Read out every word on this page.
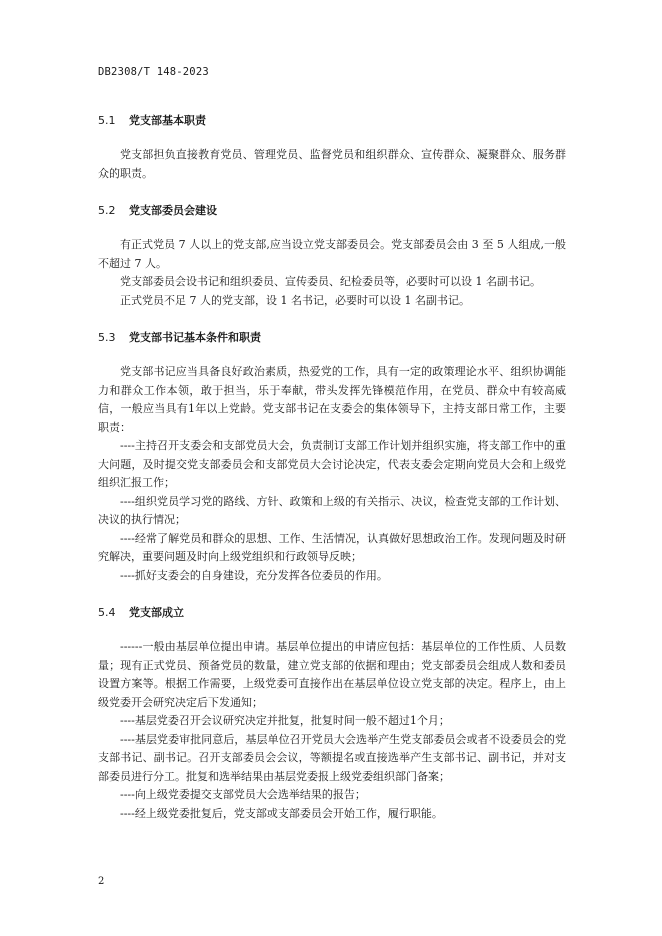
DB2308/T 148-2023

5.1 党支部基本职责

党支部担负直接教育党员、管理党员、监督党员和组织群众、宣传群众、凝聚群众、服务群众的职责。

5.2 党支部委员会建设

有正式党员 7 人以上的党支部,应当设立党支部委员会。党支部委员会由 3 至 5 人组成,一般不超过 7 人。

党支部委员会设书记和组织委员、宣传委员、纪检委员等，必要时可以设 1 名副书记。

正式党员不足 7 人的党支部，设 1 名书记，必要时可以设 1 名副书记。

5.3 党支部书记基本条件和职责

党支部书记应当具备良好政治素质，热爱党的工作，具有一定的政策理论水平、组织协调能力和群众工作本领，敢于担当，乐于奉献，带头发挥先锋模范作用，在党员、群众中有较高威信，一般应当具有1年以上党龄。党支部书记在支委会的集体领导下，主持支部日常工作，主要职责：

----主持召开支委会和支部党员大会，负责制订支部工作计划并组织实施，将支部工作中的重大问题，及时提交党支部委员会和支部党员大会讨论决定，代表支委会定期向党员大会和上级党组织汇报工作；

----组织党员学习党的路线、方针、政策和上级的有关指示、决议，检查党支部的工作计划、决议的执行情况；

----经常了解党员和群众的思想、工作、生活情况，认真做好思想政治工作。发现问题及时研究解决，重要问题及时向上级党组织和行政领导反映；

----抓好支委会的自身建设，充分发挥各位委员的作用。

5.4 党支部成立

------一般由基层单位提出申请。基层单位提出的申请应包括：基层单位的工作性质、人员数量；现有正式党员、预备党员的数量，建立党支部的依据和理由；党支部委员会组成人数和委员设置方案等。根据工作需要，上级党委可直接作出在基层单位设立党支部的决定。程序上，由上级党委开会研究决定后下发通知；

----基层党委召开会议研究决定并批复，批复时间一般不超过1个月；

----基层党委审批同意后，基层单位召开党员大会选举产生党支部委员会或者不设委员会的党支部书记、副书记。召开支部委员会会议，等额提名或直接选举产生支部书记、副书记，并对支部委员进行分工。批复和选举结果由基层党委报上级党委组织部门备案；

----向上级党委提交支部党员大会选举结果的报告；

----经上级党委批复后，党支部或支部委员会开始工作，履行职能。

2
